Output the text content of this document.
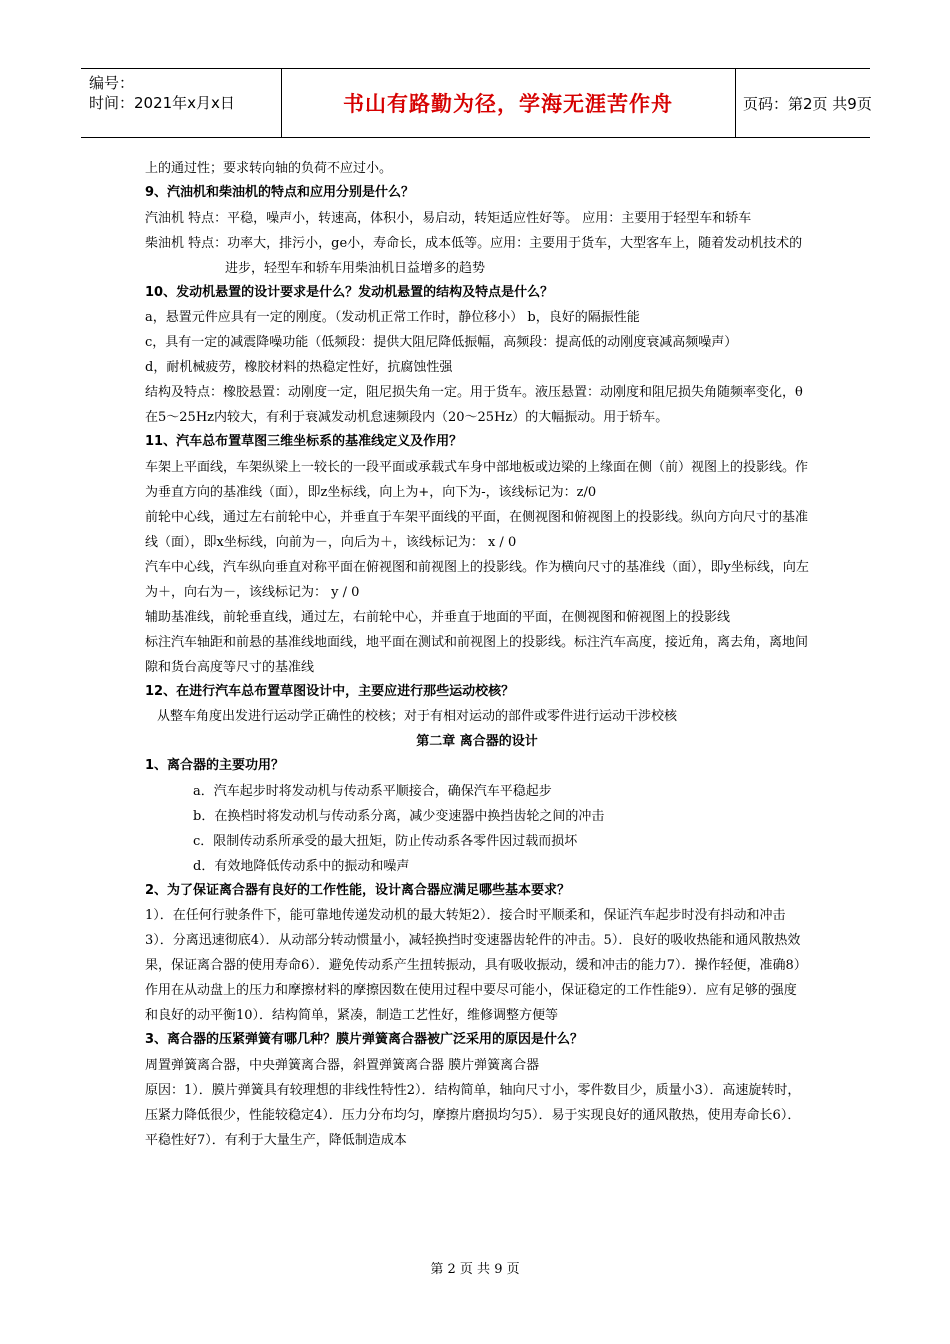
编号：
时间：2021年x月x日	书山有路勤为径，学海无涯苦作舟	页码：第2页 共9页
上的通过性；要求转向轴的负荷不应过小。
9、汽油机和柴油机的特点和应用分别是什么？
汽油机 特点：平稳，噪声小，转速高，体积小，易启动，转矩适应性好等。 应用：主要用于轻型车和轿车
柴油机 特点：功率大，排污小，ge小，寿命长，成本低等。应用：主要用于货车，大型客车上，随着发动机技术的进步，轻型车和轿车用柴油机日益增多的趋势
10、发动机悬置的设计要求是什么？发动机悬置的结构及特点是什么？
a，悬置元件应具有一定的刚度。（发动机正常工作时，静位移小） b，良好的隔振性能
c，具有一定的减震降噪功能（低频段：提供大阻尼降低振幅，高频段：提高低的动刚度衰减高频噪声）
d，耐机械疲劳，橡胶材料的热稳定性好，抗腐蚀性强
结构及特点：橡胶悬置：动刚度一定，阻尼损失角一定。用于货车。液压悬置：动刚度和阻尼损失角随频率变化，θ在5～25Hz内较大，有利于衰减发动机怠速频段内（20～25Hz）的大幅振动。用于轿车。
11、汽车总布置草图三维坐标系的基准线定义及作用？
车架上平面线，车架纵梁上一较长的一段平面或承载式车身中部地板或边梁的上缘面在侧（前）视图上的投影线。作为垂直方向的基准线（面），即z坐标线，向上为+，向下为-，该线标记为：z/0
前轮中心线，通过左右前轮中心，并垂直于车架平面线的平面，在侧视图和俯视图上的投影线。纵向方向尺寸的基准线（面），即x坐标线，向前为－，向后为＋，该线标记为： x / 0
汽车中心线，汽车纵向垂直对称平面在俯视图和前视图上的投影线。作为横向尺寸的基准线（面），即y坐标线，向左为＋，向右为－，该线标记为： y / 0
辅助基准线，前轮垂直线，通过左，右前轮中心，并垂直于地面的平面，在侧视图和俯视图上的投影线
标注汽车轴距和前悬的基准线地面线，地平面在测试和前视图上的投影线。标注汽车高度，接近角，离去角，离地间隙和货台高度等尺寸的基准线
12、在进行汽车总布置草图设计中，主要应进行那些运动校核？
从整车角度出发进行运动学正确性的校核；对于有相对运动的部件或零件进行运动干涉校核
第二章 离合器的设计
1、离合器的主要功用？
a．汽车起步时将发动机与传动系平顺接合，确保汽车平稳起步
b．在换档时将发动机与传动系分离，减少变速器中换挡齿轮之间的冲击
c．限制传动系所承受的最大扭矩，防止传动系各零件因过载而损坏
d．有效地降低传动系中的振动和噪声
2、为了保证离合器有良好的工作性能，设计离合器应满足哪些基本要求？
1）．在任何行驶条件下，能可靠地传递发动机的最大转矩2）．接合时平顺柔和，保证汽车起步时没有抖动和冲击3）．分离迅速彻底4）．从动部分转动惯量小，减轻换挡时变速器齿轮件的冲击。5）．良好的吸收热能和通风散热效果，保证离合器的使用寿命6）．避免传动系产生扭转振动，具有吸收振动，缓和冲击的能力7）．操作轻便，准确8）作用在从动盘上的压力和摩擦材料的摩擦因数在使用过程中要尽可能小，保证稳定的工作性能9）．应有足够的强度和良好的动平衡10）．结构简单，紧凑，制造工艺性好，维修调整方便等
3、离合器的压紧弹簧有哪几种？膜片弹簧离合器被广泛采用的原因是什么？
周置弹簧离合器，中央弹簧离合器，斜置弹簧离合器 膜片弹簧离合器
原因：1）．膜片弹簧具有较理想的非线性特性2）．结构简单，轴向尺寸小，零件数目少，质量小3）．高速旋转时，压紧力降低很少，性能较稳定4）．压力分布均匀，摩擦片磨损均匀5）．易于实现良好的通风散热，使用寿命长6）．平稳性好7）．有利于大量生产，降低制造成本
第 2 页 共 9 页
